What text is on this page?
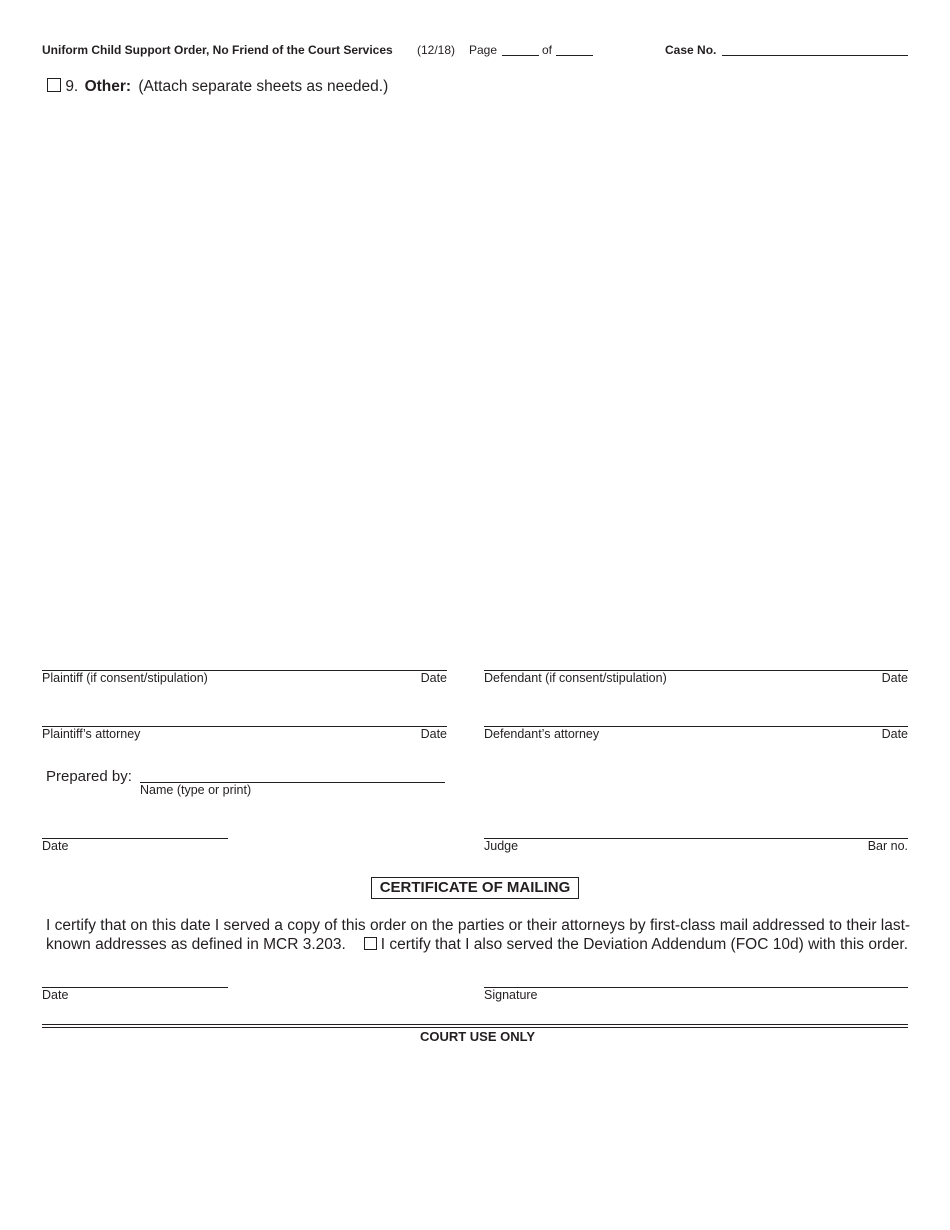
Uniform Child Support Order, No Friend of the Court Services (12/18) Page	of	Case No.
9. Other: (Attach separate sheets as needed.)
Plaintiff (if consent/stipulation)	Date	Defendant (if consent/stipulation)	Date
Plaintiff’s attorney	Date	Defendant’s attorney	Date
Prepared by:
Name (type or print)
Date	Judge	Bar no.
CERTIFICATE OF MAILING
I certify that on this date I served a copy of this order on the parties or their attorneys by first-class mail addressed to their last-
known addresses as defined in MCR 3.203. I certify that I also served the Deviation Addendum (FOC 10d) with this order.
Date	Signature
COURT USE ONLY
